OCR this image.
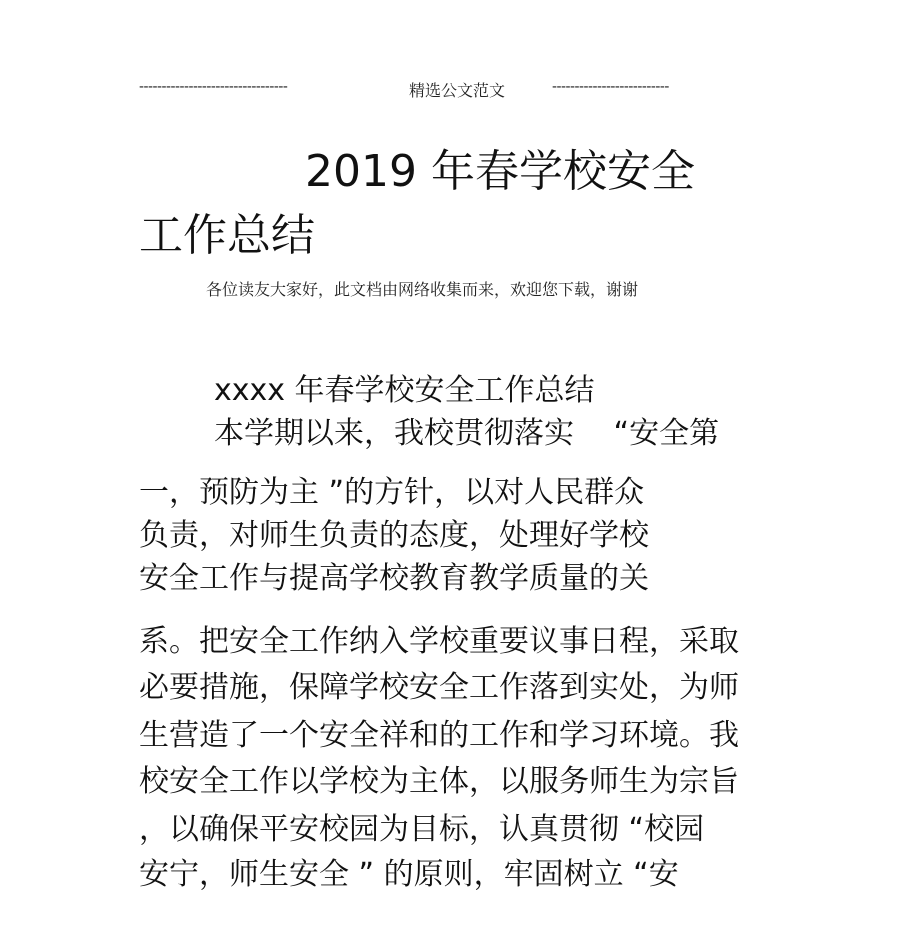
---------------------------------	精选公文范文	--------------------------
2019 年春学校安全
工作总结
各位读友大家好，此文档由网络收集而来，欢迎您下载，谢谢
xxxx 年春学校安全工作总结
本学期以来，我校贯彻落实　 “安全第
一，预防为主 ”的方针，以对人民群众
负责，对师生负责的态度，处理好学校
安全工作与提高学校教育教学质量的关
系。把安全工作纳入学校重要议事日程，采取
必要措施，保障学校安全工作落到实处，为师
生营造了一个安全祥和的工作和学习环境。我
校安全工作以学校为主体，以服务师生为宗旨
，以确保平安校园为目标，认真贯彻 “校园
安宁，师生安全 ” 的原则，牢固树立 “安
